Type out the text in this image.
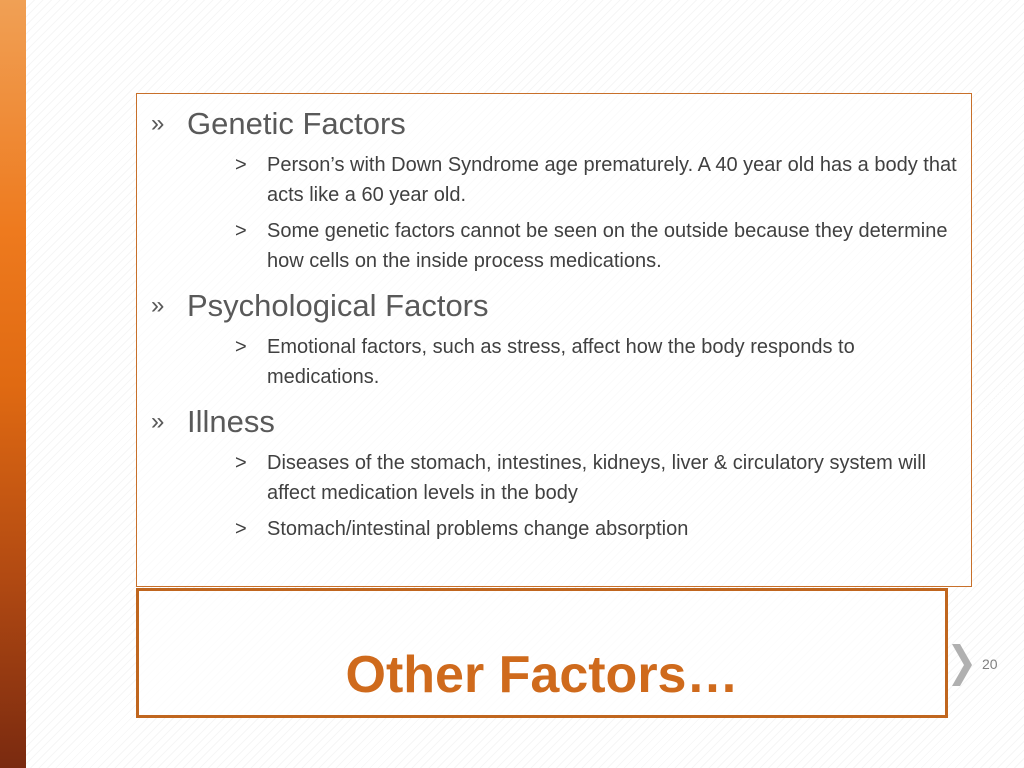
» Genetic Factors
> Person’s with Down Syndrome age prematurely. A 40 year old has a body that acts like a 60 year old.
> Some genetic factors cannot be seen on the outside because they determine how cells on the inside process medications.
» Psychological Factors
> Emotional factors, such as stress, affect how the body responds to medications.
» Illness
> Diseases of the stomach, intestines, kidneys, liver & circulatory system will affect medication levels in the body
> Stomach/intestinal problems change absorption
Other Factors…	20
